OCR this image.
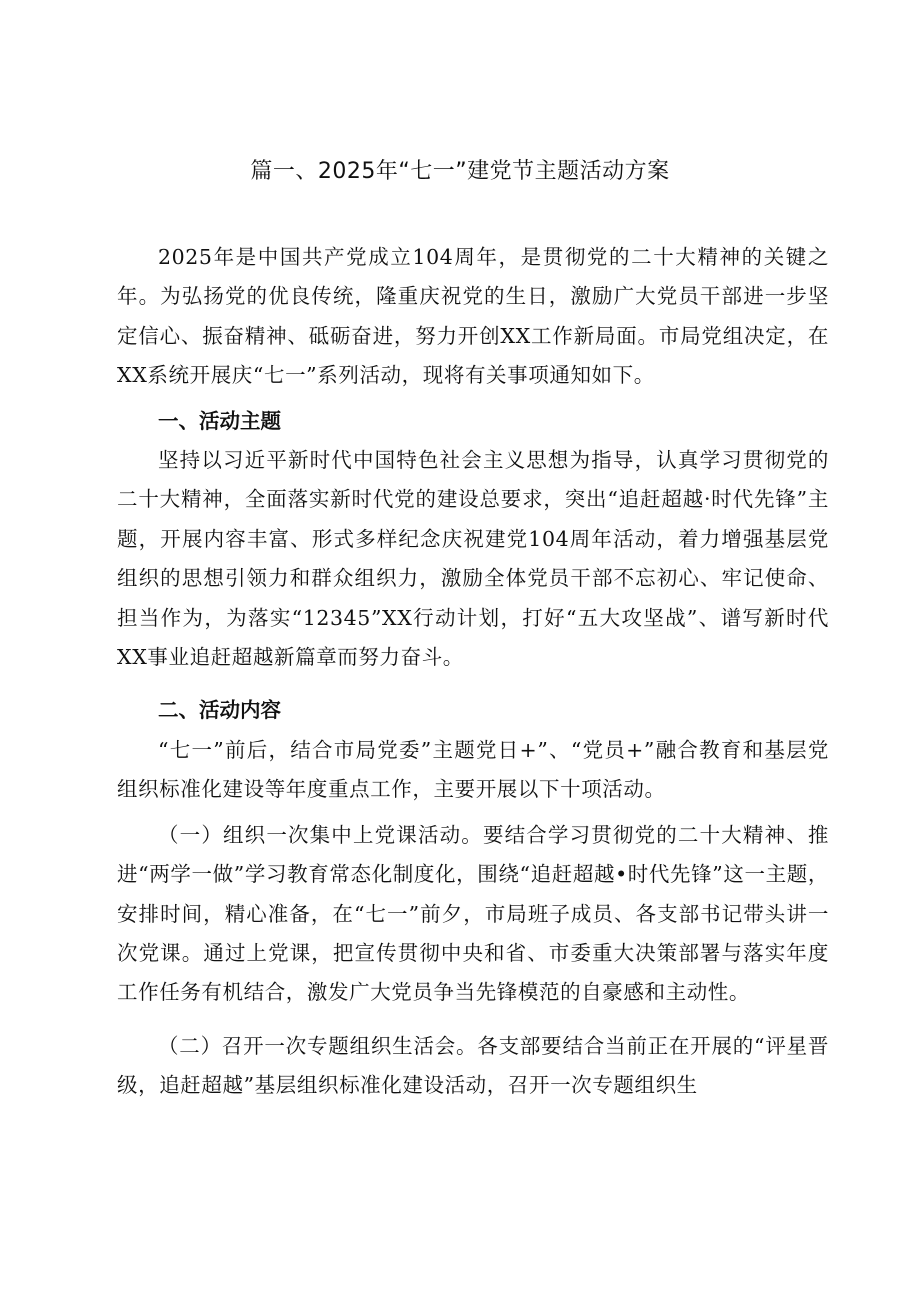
篇一、2025年“七一”建党节主题活动方案

2025年是中国共产党成立104周年，是贯彻党的二十大精神的关键之年。为弘扬党的优良传统，隆重庆祝党的生日，激励广大党员干部进一步坚定信心、振奋精神、砥砺奋进，努力开创XX工作新局面。市局党组决定，在XX系统开展庆“七一”系列活动，现将有关事项通知如下。

一、活动主题

坚持以习近平新时代中国特色社会主义思想为指导，认真学习贯彻党的二十大精神，全面落实新时代党的建设总要求，突出“追赶超越·时代先锋”主题，开展内容丰富、形式多样纪念庆祝建党104周年活动，着力增强基层党组织的思想引领力和群众组织力，激励全体党员干部不忘初心、牢记使命、担当作为，为落实“12345”XX行动计划，打好“五大攻坚战”、谱写新时代XX事业追赶超越新篇章而努力奋斗。

二、活动内容

“七一”前后，结合市局党委”主题党日+”、“党员+”融合教育和基层党组织标准化建设等年度重点工作，主要开展以下十项活动。

（一）组织一次集中上党课活动。要结合学习贯彻党的二十大精神、推进“两学一做”学习教育常态化制度化，围绕“追赶超越•时代先锋”这一主题，安排时间，精心准备，在“七一”前夕，市局班子成员、各支部书记带头讲一次党课。通过上党课，把宣传贯彻中央和省、市委重大决策部署与落实年度工作任务有机结合，激发广大党员争当先锋模范的自豪感和主动性。

（二）召开一次专题组织生活会。各支部要结合当前正在开展的“评星晋级，追赶超越”基层组织标准化建设活动，召开一次专题组织生
